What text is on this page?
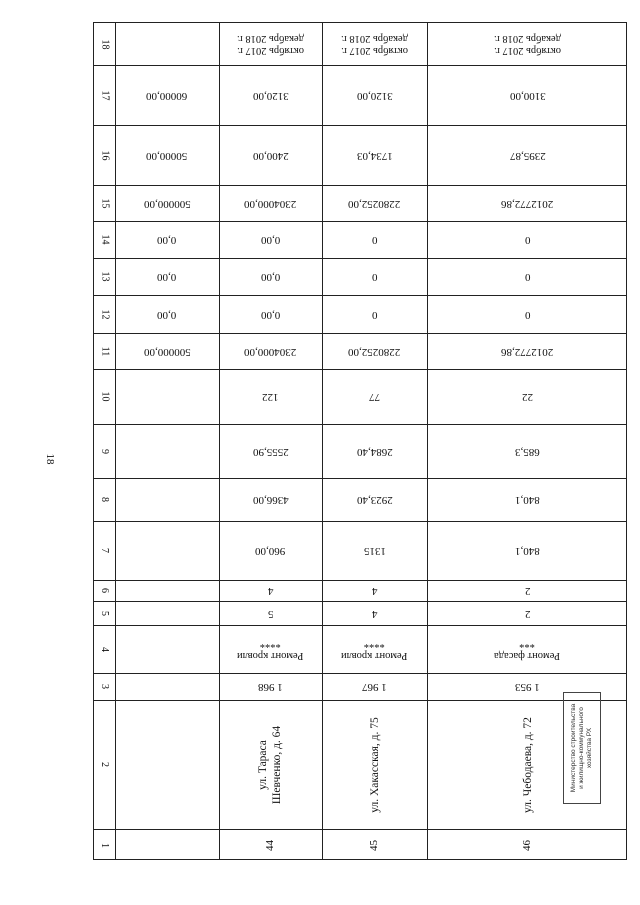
18
18
17
16
15
14
13
12
11
10
9
8
7
6
5
4
3
2
1
500000,00
0,00
0,00
0,00
500000,00
50000,00
60000,00
октябрь 2017 г.
декабрь 2018 г.
3120,00
2400,00
2304000,00
0,00
0,00
0,00
2304000,00
122
2555,90
4366,00
960,00
4
5
Ремонт кровли
****
1 968
ул. Тараса
Шевченко, д. 64
44
октябрь 2017 г.
декабрь 2018 г.
3120,00
1734,03
2280252,00
0
0
0
2280252,00
77
2684,40
2923,40
1315
4
4
Ремонт кровли
****
1 967
ул. Хакасская, д. 75
45
октябрь 2017 г.
декабрь 2018 г.
3100,00
2395,87
2012772,86
0
0
0
2012772,86
22
685,3
840,1
840,1
2
2
Ремонт фасада
***
1 953
ул. Чебодаева, д. 72
46
Министерство строительства
и жилищно-коммунального
хозяйства РХ
